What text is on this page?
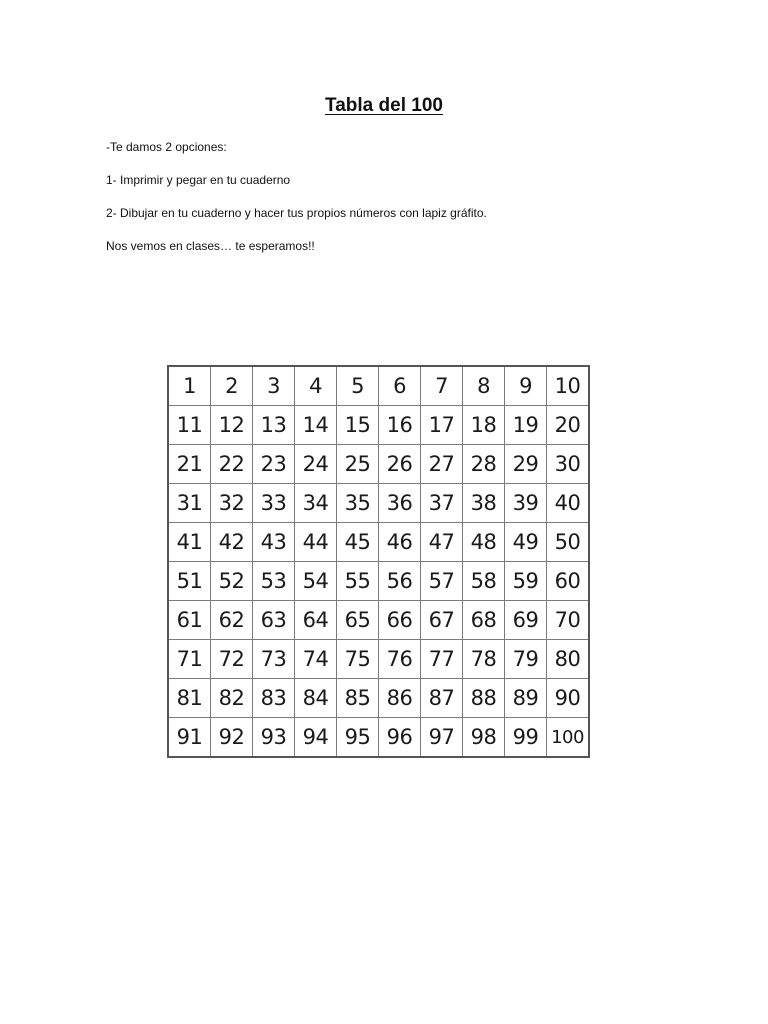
Tabla del 100

-Te damos 2 opciones:

1- Imprimir y pegar en tu cuaderno

2- Dibujar en tu cuaderno y hacer tus propios números con lapiz gráfito.

Nos vemos en clases… te esperamos!!

1	2	3	4	5	6	7	8	9	10
11	12	13	14	15	16	17	18	19	20
21	22	23	24	25	26	27	28	29	30
31	32	33	34	35	36	37	38	39	40
41	42	43	44	45	46	47	48	49	50
51	52	53	54	55	56	57	58	59	60
61	62	63	64	65	66	67	68	69	70
71	72	73	74	75	76	77	78	79	80
81	82	83	84	85	86	87	88	89	90
91	92	93	94	95	96	97	98	99	100
